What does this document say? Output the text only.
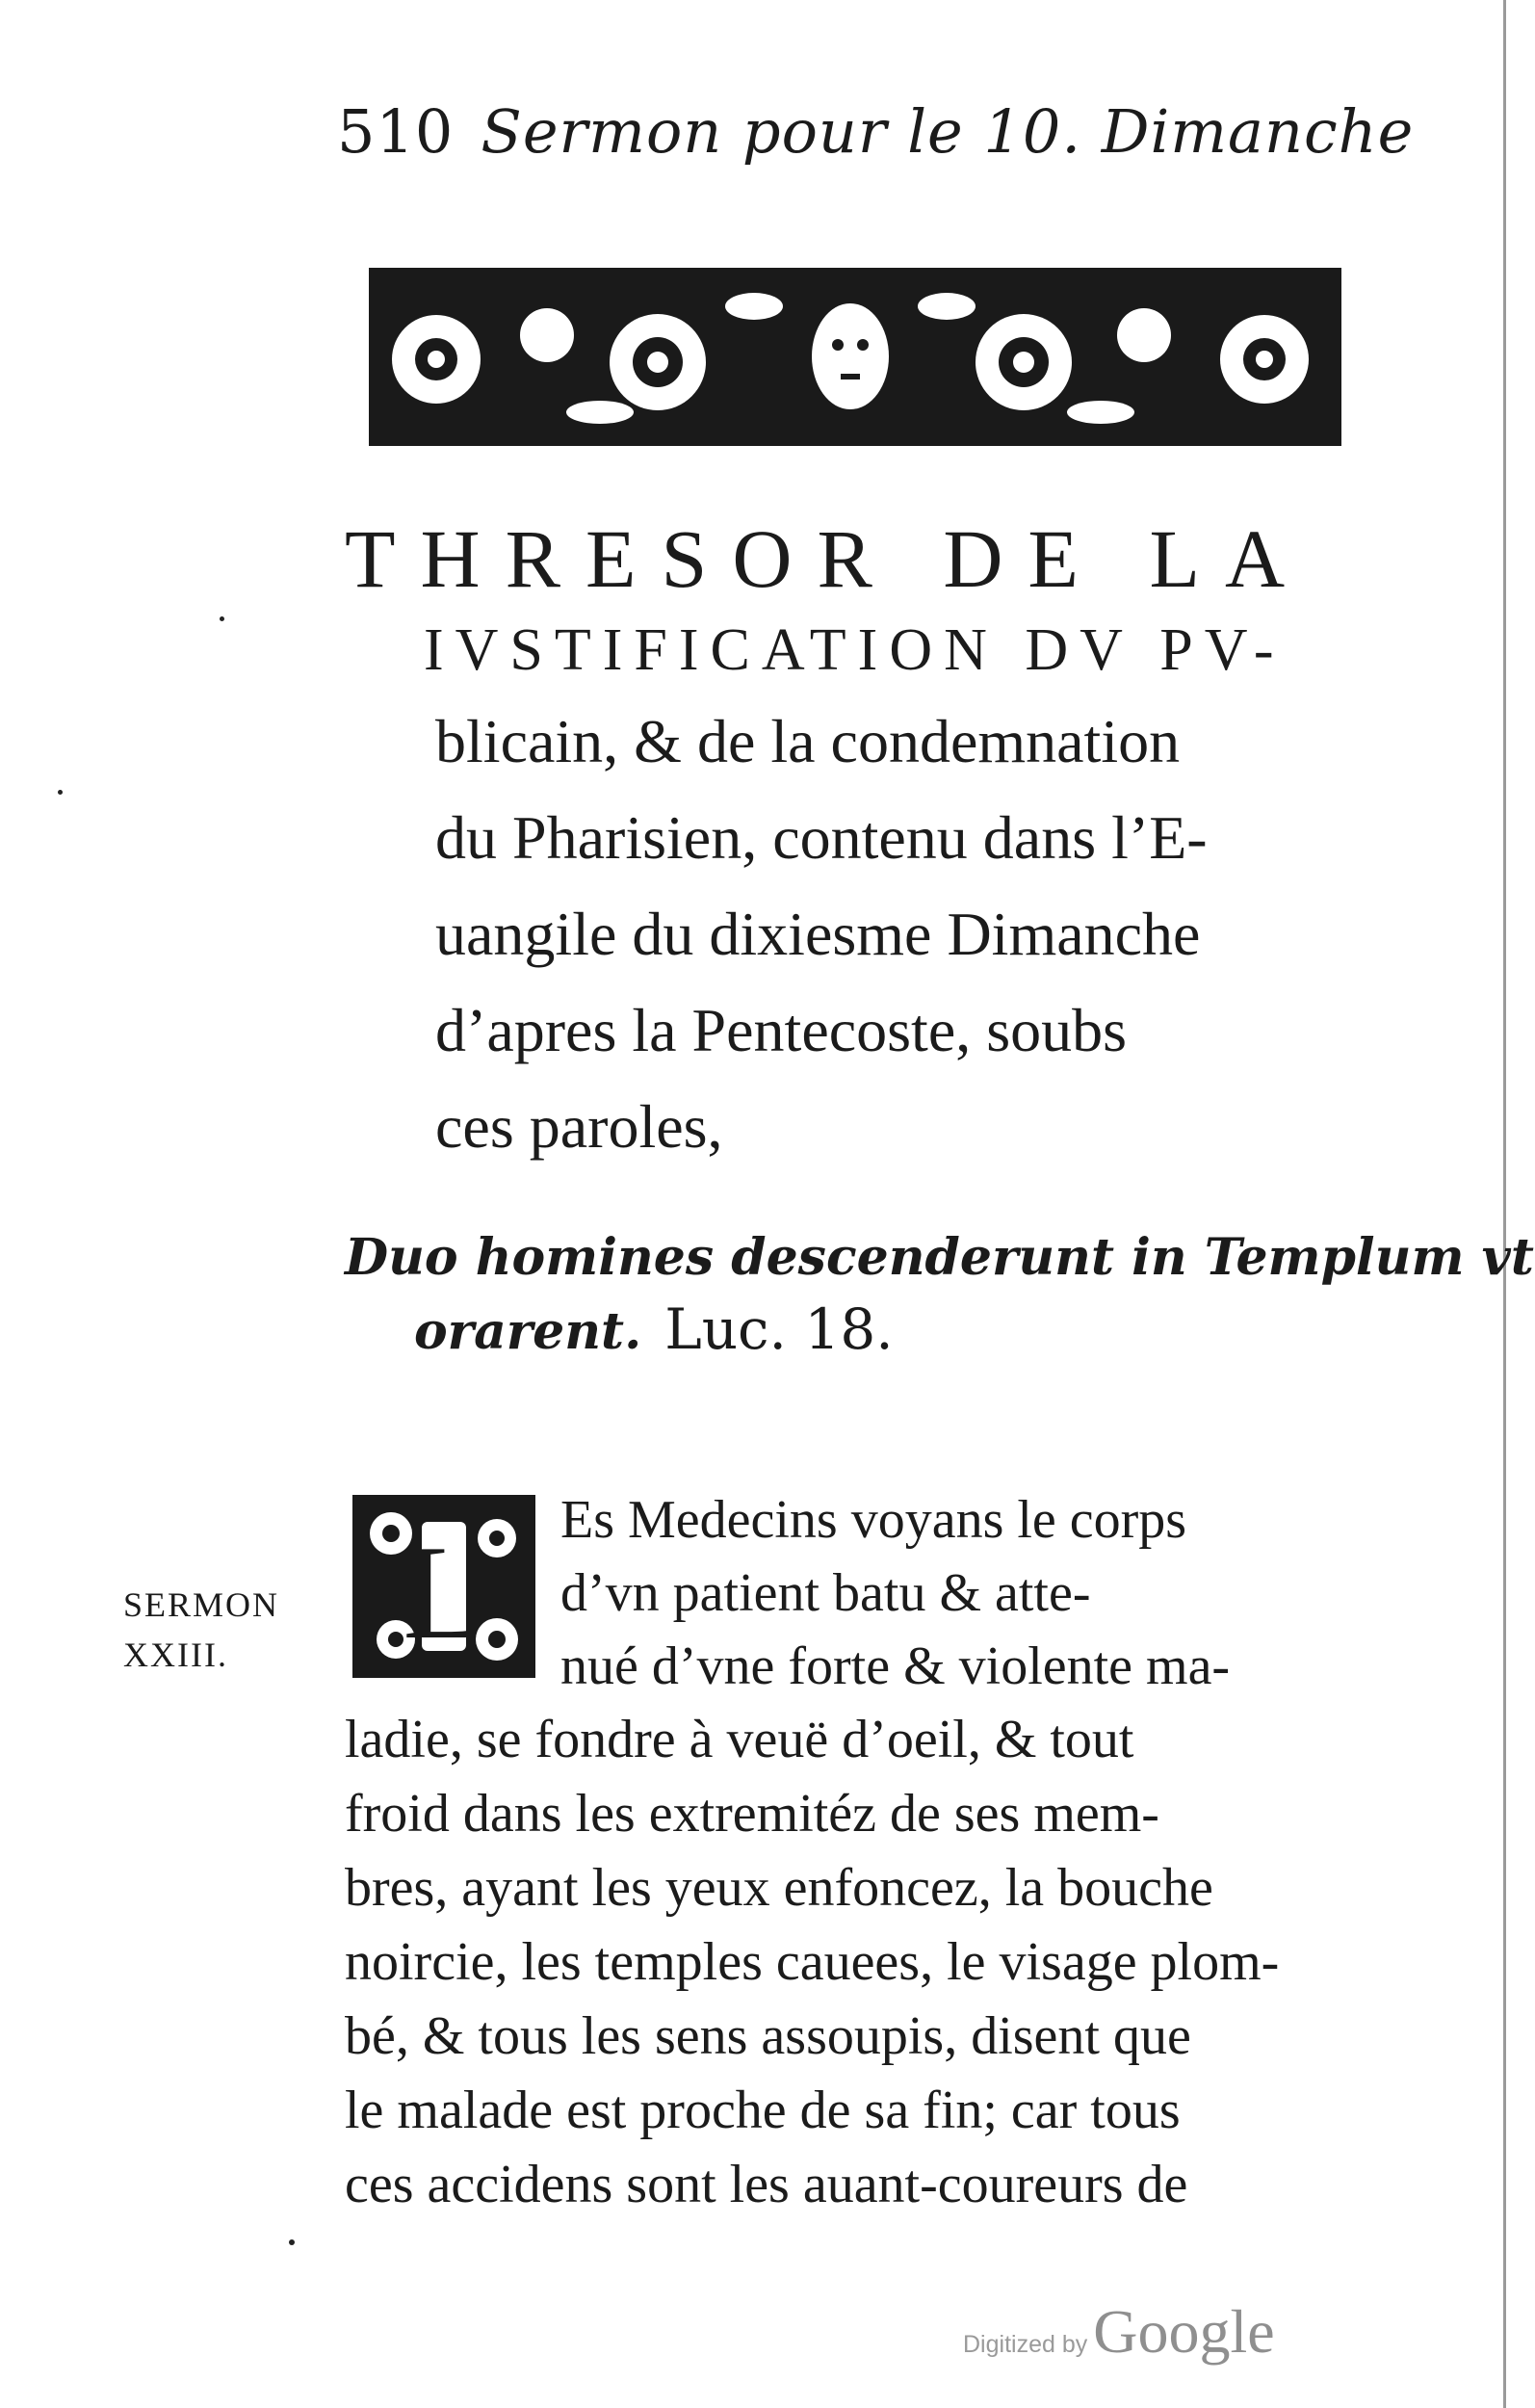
510 Sermon pour le 10. Dimanche
THRESOR DE LA
IVSTIFICATION DV PV-
blicain, & de la condemnation
du Pharisien, contenu dans l’E-
uangile du dixiesme Dimanche
d’apres la Pentecoste, soubs
ces paroles,
Duo homines descenderunt in Templum vt
orarent. Luc. 18.
SERMON
XXIII.	L Es Medecins voyans le corps
d’vn patient batu & atte-
nué d’vne forte & violente ma-
ladie, se fondre à veuë d’oeil, & tout
froid dans les extremitéz de ses mem-
bres, ayant les yeux enfoncez, la bouche
noircie, les temples cauees, le visage plom-
bé, & tous les sens assoupis, disent que
le malade est proche de sa fin; car tous
ces accidens sont les auant-coureurs de
Digitized byGoogle
